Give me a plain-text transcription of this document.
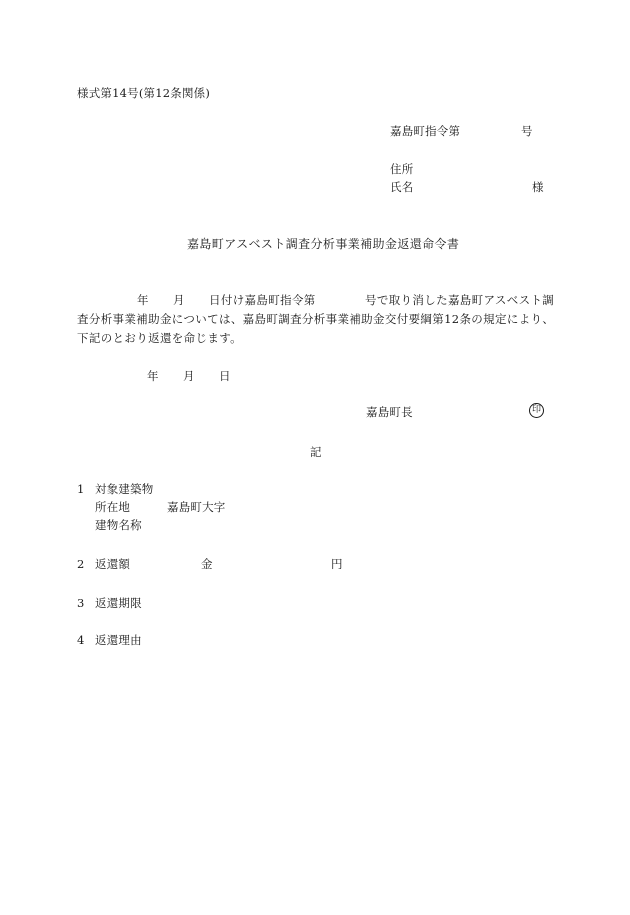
様式第14号(第12条関係)
嘉島町指令第	号
住所
氏名	様
嘉島町アスベスト調査分析事業補助金返還命令書
年 月 日付け嘉島町指令第	号で取り消した嘉島町アスベスト調
査分析事業補助金については、嘉島町調査分析事業補助金交付要綱第12条の規定により、
下記のとおり返還を命じます。
年 月 日
嘉島町長	印
記
1 対象建築物
所在地	嘉島町大字
建物名称
2 返還額	金	円
3 返還期限
4 返還理由
